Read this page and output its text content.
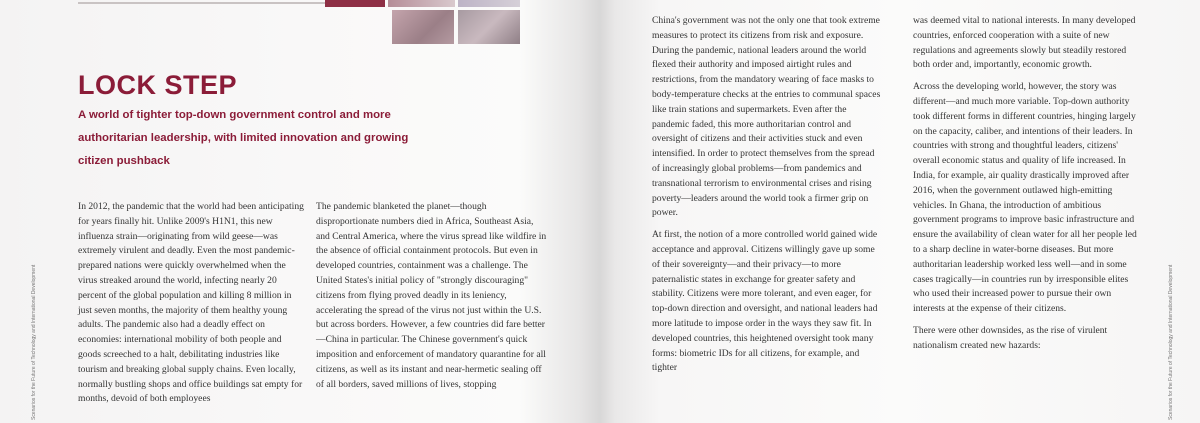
LOCK STEP

A world of tighter top-down government control and more authoritarian leadership, with limited innovation and growing citizen pushback

In 2012, the pandemic that the world had been anticipating for years finally hit. Unlike 2009's H1N1, this new influenza strain—originating from wild geese—was extremely virulent and deadly. Even the most pandemic-prepared nations were quickly overwhelmed when the virus streaked around the world, infecting nearly 20 percent of the global population and killing 8 million in just seven months, the majority of them healthy young adults. The pandemic also had a deadly effect on economies: international mobility of both people and goods screeched to a halt, debilitating industries like tourism and breaking global supply chains. Even locally, normally bustling shops and office buildings sat empty for months, devoid of both employees

The pandemic blanketed the planet—though disproportionate numbers died in Africa, Southeast Asia, and Central America, where the virus spread like wildfire in the absence of official containment protocols. But even in developed countries, containment was a challenge. The United States's initial policy of "strongly discouraging" citizens from flying proved deadly in its leniency, accelerating the spread of the virus not just within the U.S. but across borders. However, a few countries did fare better—China in particular. The Chinese government's quick imposition and enforcement of mandatory quarantine for all citizens, as well as its instant and near-hermetic sealing off of all borders, saved millions of lives, stopping

China's government was not the only one that took extreme measures to protect its citizens from risk and exposure. During the pandemic, national leaders around the world flexed their authority and imposed airtight rules and restrictions, from the mandatory wearing of face masks to body-temperature checks at the entries to communal spaces like train stations and supermarkets. Even after the pandemic faded, this more authoritarian control and oversight of citizens and their activities stuck and even intensified. In order to protect themselves from the spread of increasingly global problems—from pandemics and transnational terrorism to environmental crises and rising poverty—leaders around the world took a firmer grip on power.

At first, the notion of a more controlled world gained wide acceptance and approval. Citizens willingly gave up some of their sovereignty—and their privacy—to more paternalistic states in exchange for greater safety and stability. Citizens were more tolerant, and even eager, for top-down direction and oversight, and national leaders had more latitude to impose order in the ways they saw fit. In developed countries, this heightened oversight took many forms: biometric IDs for all citizens, for example, and tighter

was deemed vital to national interests. In many developed countries, enforced cooperation with a suite of new regulations and agreements slowly but steadily restored both order and, importantly, economic growth.

Across the developing world, however, the story was different—and much more variable. Top-down authority took different forms in different countries, hinging largely on the capacity, caliber, and intentions of their leaders. In countries with strong and thoughtful leaders, citizens' overall economic status and quality of life increased. In India, for example, air quality drastically improved after 2016, when the government outlawed high-emitting vehicles. In Ghana, the introduction of ambitious government programs to improve basic infrastructure and ensure the availability of clean water for all her people led to a sharp decline in water-borne diseases. But more authoritarian leadership worked less well—and in some cases tragically—in countries run by irresponsible elites who used their increased power to pursue their own interests at the expense of their citizens.

There were other downsides, as the rise of virulent nationalism created new hazards:

Scenarios for the Future of Technology and International Development	Scenarios for the Future of Technology and International Development
